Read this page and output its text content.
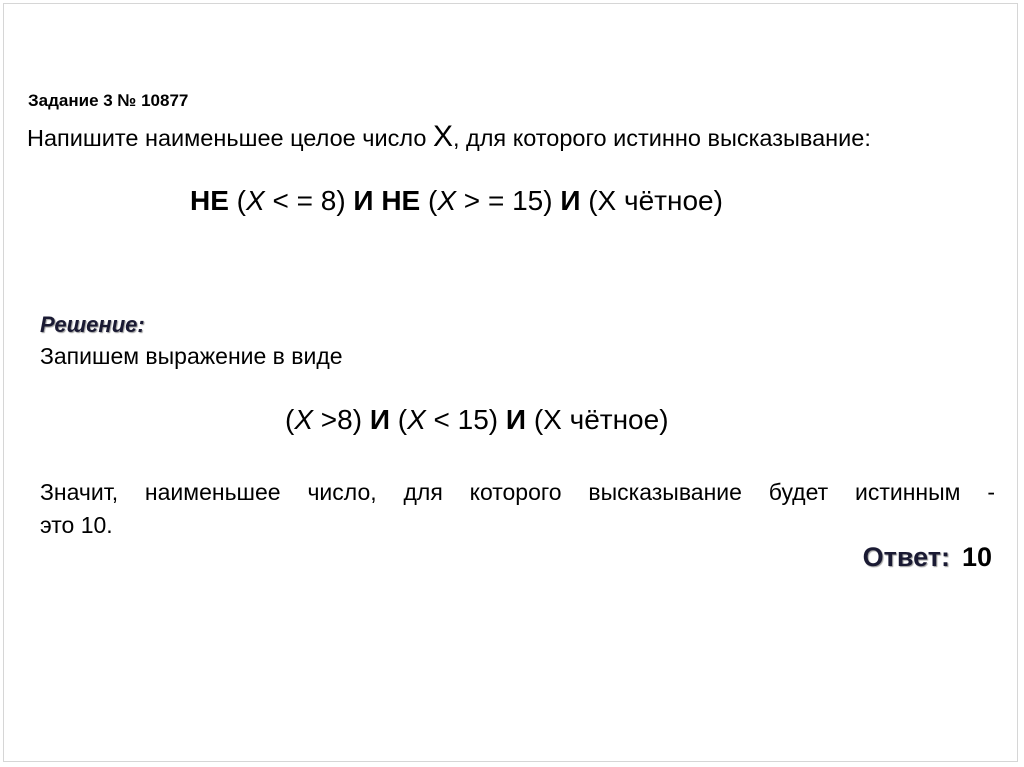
Задание 3 № 10877
Напишите наименьшее целое число X, для которого истинно высказывание:
НЕ (X < = 8) И НЕ (X > = 15) И (X чётное)
Решение:
Запишем выражение в виде
(X >8) И (X < 15) И (X чётное)
Значит, наименьшее число, для которого высказывание будет истинным -
это 10.
Ответ: 10
